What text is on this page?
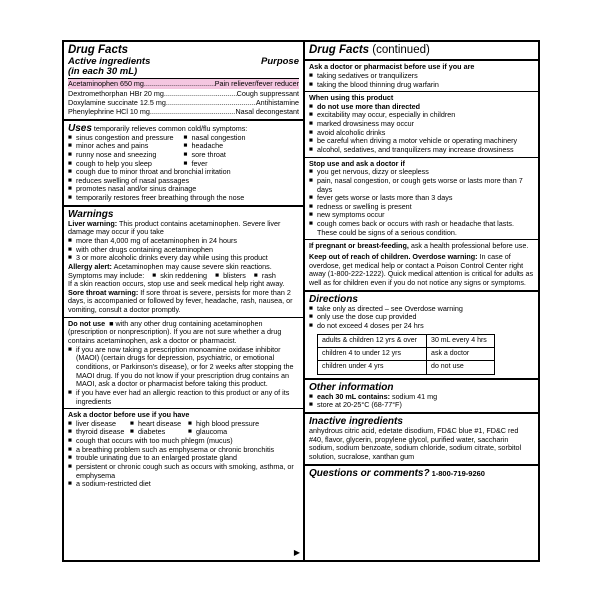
Drug Facts
Active ingredients
(in each 30 mL)
Purpose
Acetaminophen 650 mg .....	Pain reliever/fever reducer
Dextromethorphan HBr 20 mg .....	Cough suppressant
Doxylamine succinate 12.5 mg .....	Antihistamine
Phenylephrine HCl 10 mg .....	Nasal decongestant
Uses temporarily relieves common cold/flu symptoms:
■ sinus congestion and pressure	■ nasal congestion
■ minor aches and pains	■ headache
■ runny nose and sneezing	■ sore throat
■ cough to help you sleep	■ fever
■ cough due to minor throat and bronchial irritation
■ reduces swelling of nasal passages
■ promotes nasal and/or sinus drainage
■ temporarily restores freer breathing through the nose
Warnings
Liver warning: This product contains acetaminophen. Severe liver damage may occur if you take
■ more than 4,000 mg of acetaminophen in 24 hours
■ with other drugs containing acetaminophen
■ 3 or more alcoholic drinks every day while using this product
Allergy alert: Acetaminophen may cause severe skin reactions.
Symptoms may include: ■ skin reddening ■ blisters ■ rash
If a skin reaction occurs, stop use and seek medical help right away.
Sore throat warning: If sore throat is severe, persists for more than 2 days, is accompanied or followed by fever, headache, rash, nausea, or vomiting, consult a doctor promptly.
Do not use  ■ with any other drug containing acetaminophen (prescription or nonprescription). If you are not sure whether a drug contains acetaminophen, ask a doctor or pharmacist.
■ if you are now taking a prescription monoamine oxidase inhibitor (MAOI) (certain drugs for depression, psychiatric, or emotional conditions, or Parkinson's disease), or for 2 weeks after stopping the MAOI drug. If you do not know if your prescription drug contains an MAOI, ask a doctor or pharmacist before taking this product.
■ if you have ever had an allergic reaction to this product or any of its ingredients
Ask a doctor before use if you have
■ liver disease	■ heart disease	■ high blood pressure
■ thyroid disease	■ diabetes	■ glaucoma
■ cough that occurs with too much phlegm (mucus)
■ a breathing problem such as emphysema or chronic bronchitis
■ trouble urinating due to an enlarged prostate gland
■ persistent or chronic cough such as occurs with smoking, asthma, or emphysema
■ a sodium-restricted diet
▶
Drug Facts (continued)
Ask a doctor or pharmacist before use if you are
■ taking sedatives or tranquilizers
■ taking the blood thinning drug warfarin
When using this product
■ do not use more than directed
■ excitability may occur, especially in children
■ marked drowsiness may occur
■ avoid alcoholic drinks
■ be careful when driving a motor vehicle or operating machinery
■ alcohol, sedatives, and tranquilizers may increase drowsiness
Stop use and ask a doctor if
■ you get nervous, dizzy or sleepless
■ pain, nasal congestion, or cough gets worse or lasts more than 7 days
■ fever gets worse or lasts more than 3 days
■ redness or swelling is present
■ new symptoms occur
■ cough comes back or occurs with rash or headache that lasts. These could be signs of a serious condition.
If pregnant or breast-feeding, ask a health professional before use.
Keep out of reach of children. Overdose warning: In case of overdose, get medical help or contact a Poison Control Center right away (1-800-222-1222). Quick medical attention is critical for adults as well as for children even if you do not notice any signs or symptoms.
Directions
■ take only as directed – see Overdose warning
■ only use the dose cup provided
■ do not exceed 4 doses per 24 hrs
adults & children 12 yrs & over	30 mL every 4 hrs
children 4 to under 12 yrs	ask a doctor
children under 4 yrs	do not use
Other information
■ each 30 mL contains: sodium 41 mg
■ store at 20-25°C (68-77°F)
Inactive ingredients
anhydrous citric acid, edetate disodium, FD&C blue #1, FD&C red #40, flavor, glycerin, propylene glycol, purified water, saccharin sodium, sodium benzoate, sodium chloride, sodium citrate, sorbitol solution, sucralose, xanthan gum
Questions or comments?
1-800-719-9260
